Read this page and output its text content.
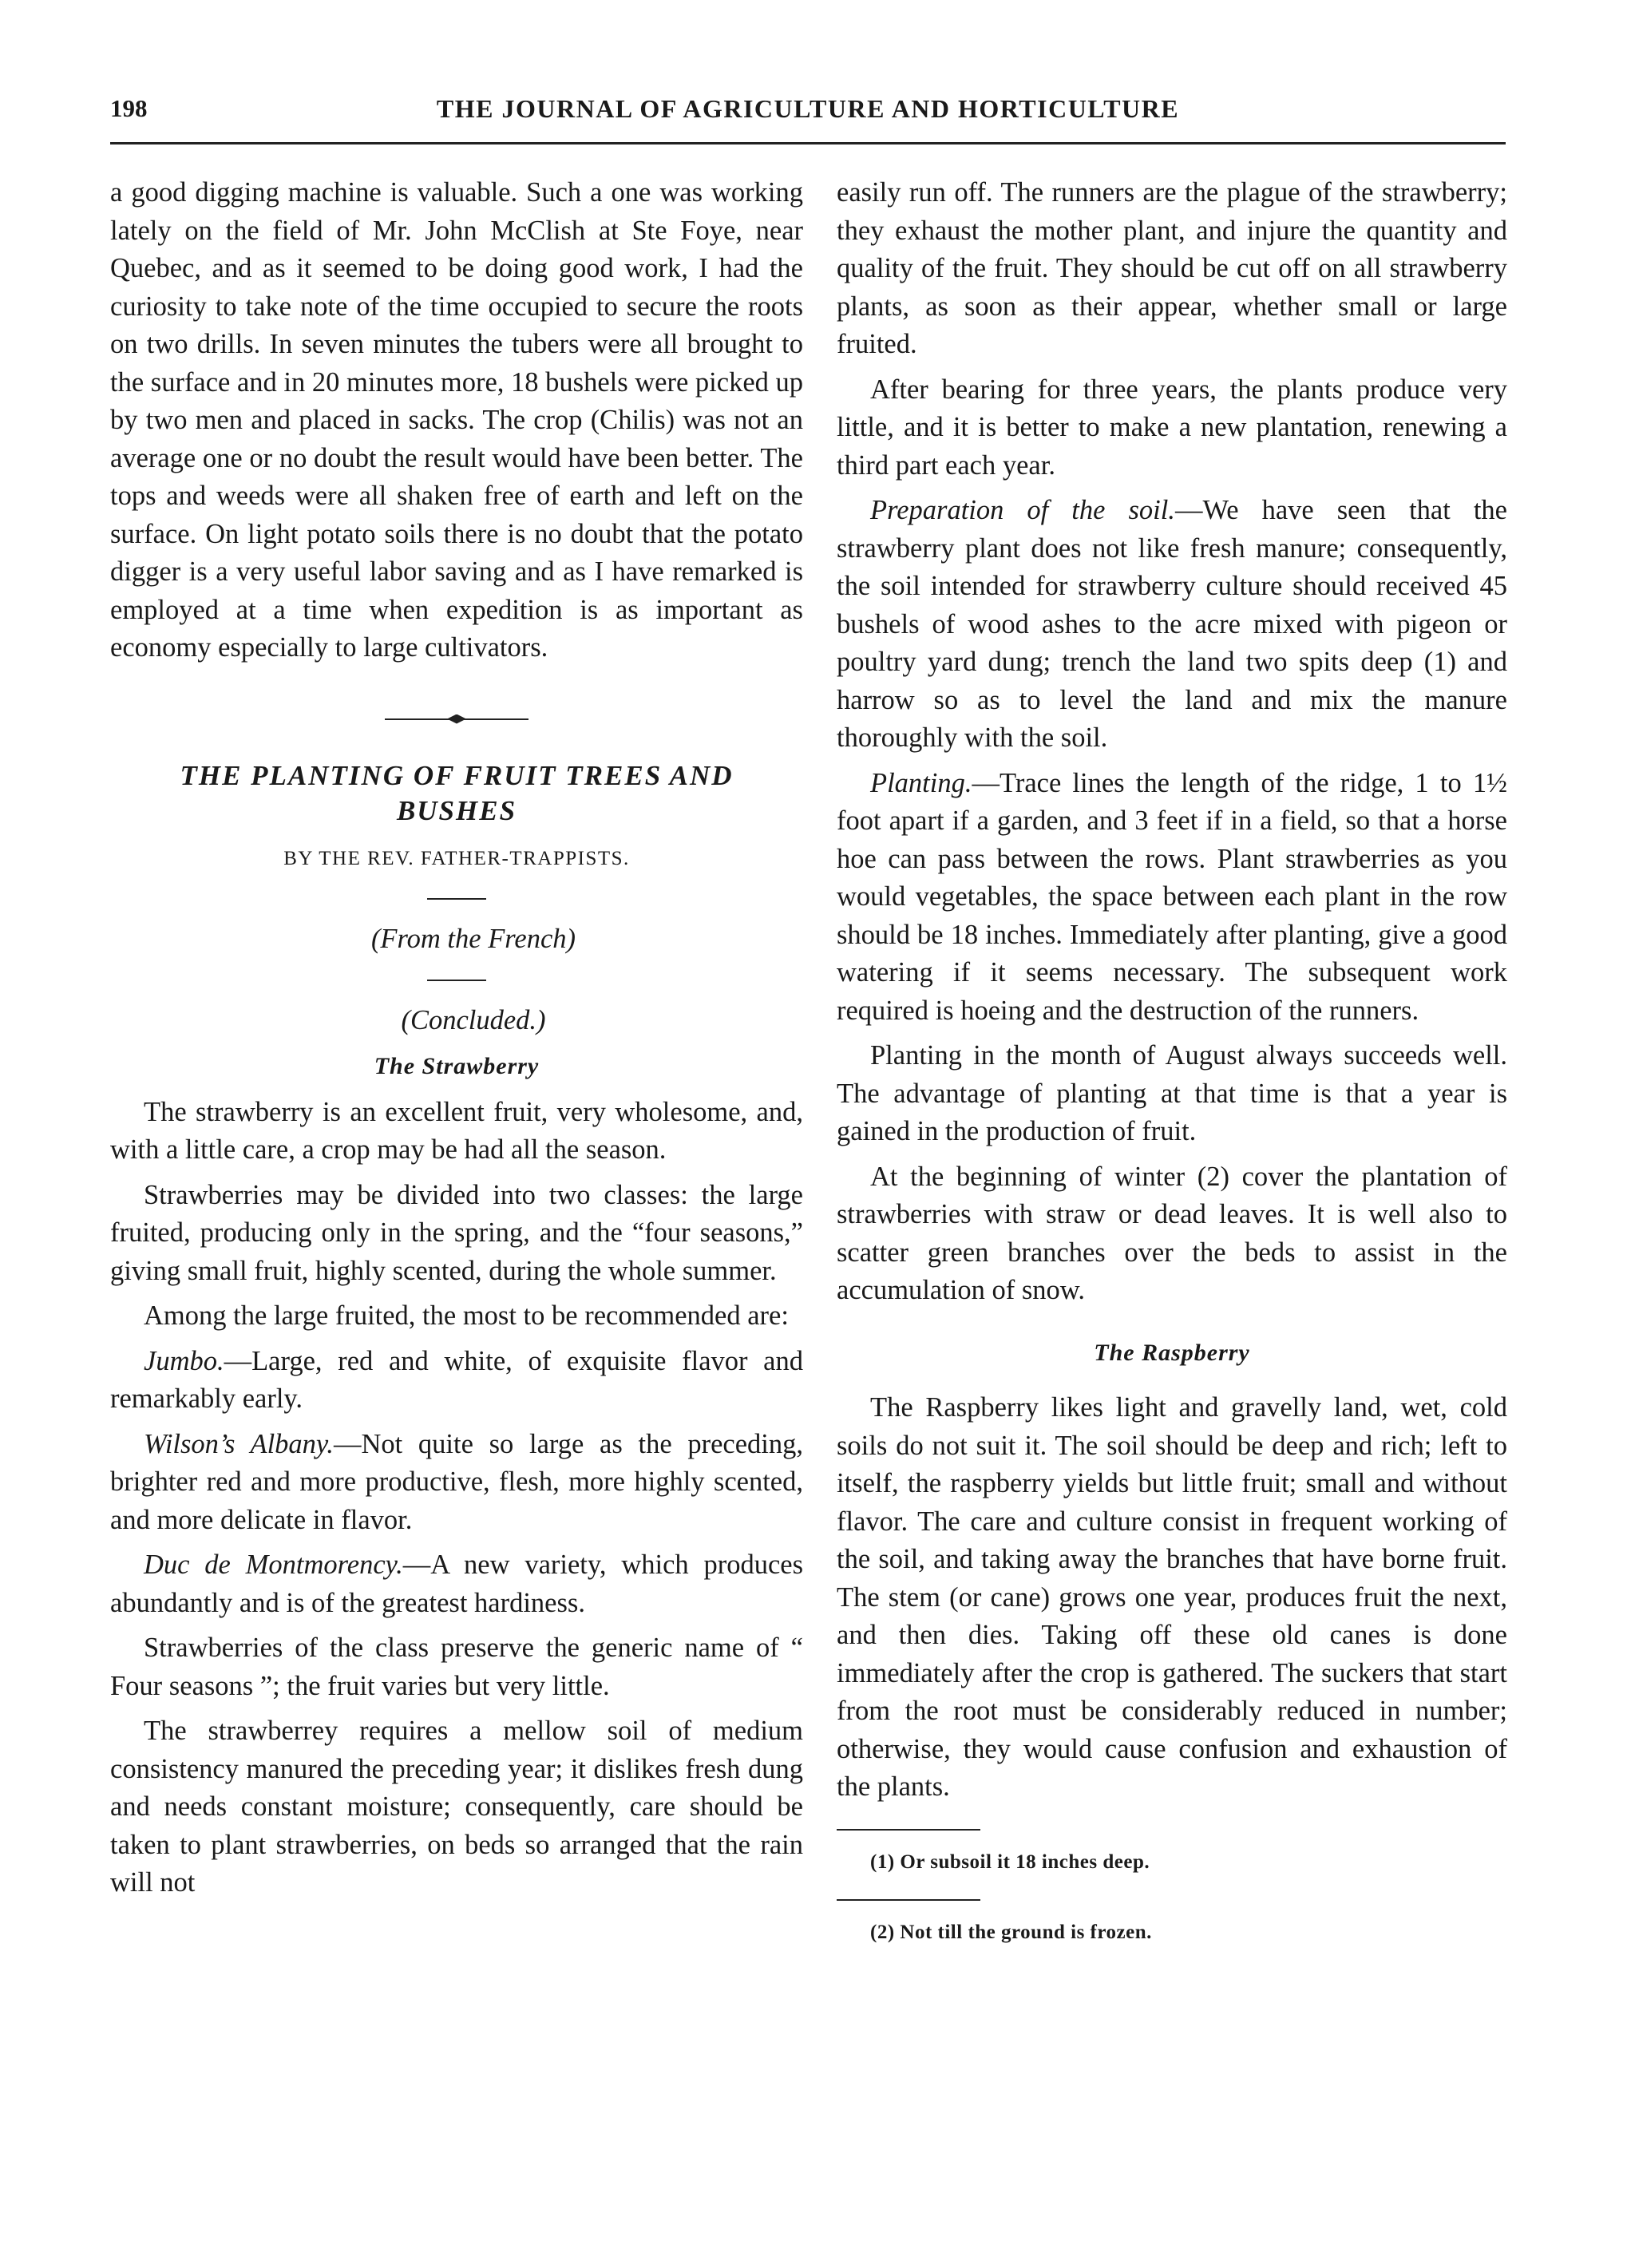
198	THE JOURNAL OF AGRICULTURE AND HORTICULTURE

a good digging machine is valuable. Such a one was working lately on the field of Mr. John McClish at Ste Foye, near Quebec, and as it seemed to be doing good work, I had the curiosity to take note of the time occupied to secure the roots on two drills. In seven minutes the tubers were all brought to the surface and in 20 minutes more, 18 bushels were picked up by two men and placed in sacks. The crop (Chilis) was not an average one or no doubt the result would have been better. The tops and weeds were all shaken free of earth and left on the surface. On light potato soils there is no doubt that the potato digger is a very useful labor saving and as I have remarked is employed at a time when expedition is as important as economy especially to large cultivators.

THE PLANTING OF FRUIT TREES AND BUSHES
BY THE REV. FATHER-TRAPPISTS.

(From the French)

(Concluded.)

The Strawberry

The strawberry is an excellent fruit, very wholesome, and, with a little care, a crop may be had all the season.

Strawberries may be divided into two classes: the large fruited, producing only in the spring, and the “four seasons,” giving small fruit, highly scented, during the whole summer.

Among the large fruited, the most to be recommended are:

Jumbo.—Large, red and white, of exquisite flavor and remarkably early.

Wilson’s Albany.—Not quite so large as the preceding, brighter red and more productive, flesh, more highly scented, and more delicate in flavor.

Duc de Montmorency.—A new variety, which produces abundantly and is of the greatest hardiness.

Strawberries of the class preserve the generic name of “ Four seasons ”; the fruit varies but very little.

The strawberrey requires a mellow soil of medium consistency manured the preceding year; it dislikes fresh dung and needs constant moisture; consequently, care should be taken to plant strawberries, on beds so arranged that the rain will not

easily run off. The runners are the plague of the strawberry; they exhaust the mother plant, and injure the quantity and quality of the fruit. They should be cut off on all strawberry plants, as soon as their appear, whether small or large fruited.

After bearing for three years, the plants produce very little, and it is better to make a new plantation, renewing a third part each year.

Preparation of the soil.—We have seen that the strawberry plant does not like fresh manure; consequently, the soil intended for strawberry culture should received 45 bushels of wood ashes to the acre mixed with pigeon or poultry yard dung; trench the land two spits deep (1) and harrow so as to level the land and mix the manure thoroughly with the soil.

Planting.—Trace lines the length of the ridge, 1 to 1½ foot apart if a garden, and 3 feet if in a field, so that a horse hoe can pass between the rows. Plant strawberries as you would vegetables, the space between each plant in the row should be 18 inches. Immediately after planting, give a good watering if it seems necessary. The subsequent work required is hoeing and the destruction of the runners.

Planting in the month of August always succeeds well. The advantage of planting at that time is that a year is gained in the production of fruit.

At the beginning of winter (2) cover the plantation of strawberries with straw or dead leaves. It is well also to scatter green branches over the beds to assist in the accumulation of snow.

The Raspberry

The Raspberry likes light and gravelly land, wet, cold soils do not suit it. The soil should be deep and rich; left to itself, the raspberry yields but little fruit; small and without flavor. The care and culture consist in frequent working of the soil, and taking away the branches that have borne fruit. The stem (or cane) grows one year, produces fruit the next, and then dies. Taking off these old canes is done immediately after the crop is gathered. The suckers that start from the root must be considerably reduced in number; otherwise, they would cause confusion and exhaustion of the plants.

(1) Or subsoil it 18 inches deep.

(2) Not till the ground is frozen.
